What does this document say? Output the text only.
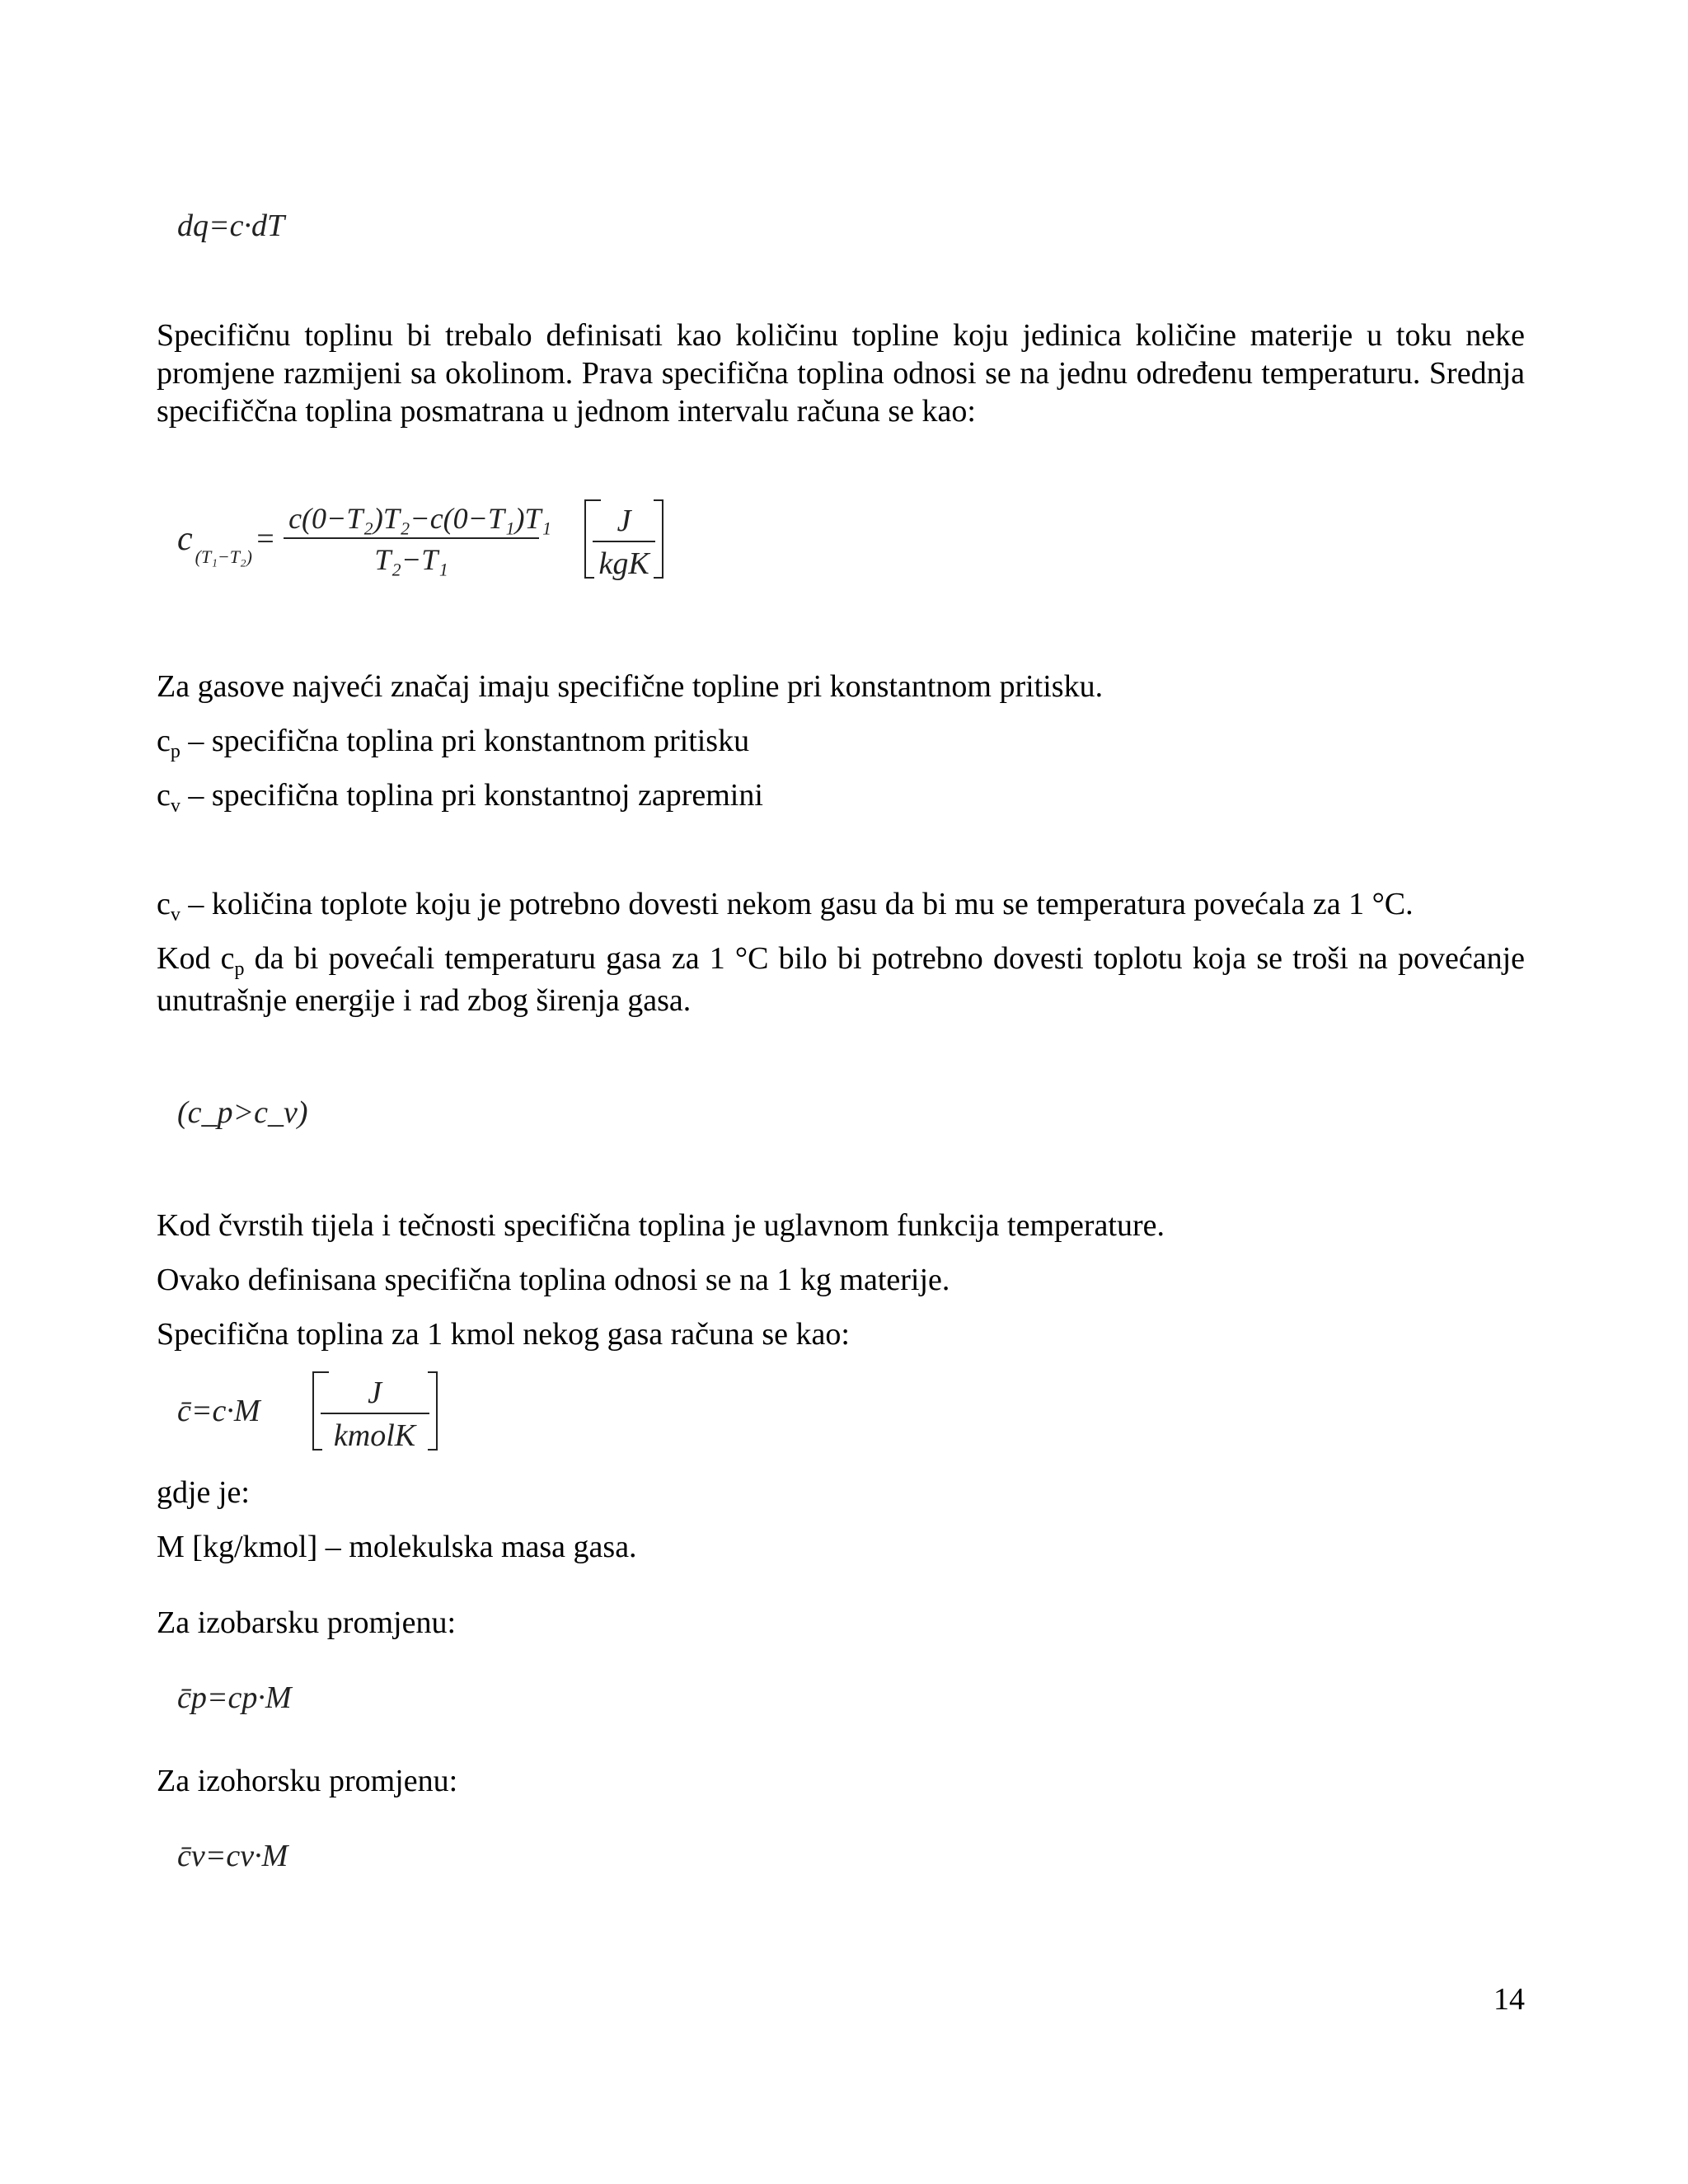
dq=c·dT

Specifičnu toplinu bi trebalo definisati kao količinu topline koju jedinica količine materije u toku neke promjene razmijeni sa okolinom. Prava specifična toplina odnosi se na jednu određenu temperaturu. Srednja specifiččna toplina posmatrana u jednom intervalu računa se kao:

c $_{(T_1-T_2)}= \frac{\text{c(0−T₂)T₂−c(0−T₁)T₁}}{\text{T₂−T₁}}$
$\frac{J}{\text{kgK}}$

Za gasove najveći značaj imaju specifične topline pri konstantnom pritisku.

$c_p$ – specifična toplina pri konstantnom pritisku

$c_v$ – specifična toplina pri konstantnoj zapremini

$c_v$ – količina toplote koju je potrebno dovesti nekom gasu da bi mu se temperatura povećala za 1 °C.

Kod $c_p$ da bi povećali temperaturu gasa za 1 °C bilo bi potrebno dovesti toplotu koja se troši na povećanje unutrašnje energije i rad zbog širenja gasa.

(c_p>c_v)

Kod čvrstih tijela i tečnosti specifična toplina je uglavnom funkcija temperature.

Ovako definisana specifična toplina odnosi se na 1 kg materije.

Specifična toplina za 1 kmol nekog gasa računa se kao:

c̄=c·M $\frac{J}{\text{kmolK}}$

gdje je:

M [kg/kmol] – molekulska masa gasa.

Za izobarsku promjenu:

c̄p=cp·M

Za izohorsku promjenu:

c̄v=cv·M
14
